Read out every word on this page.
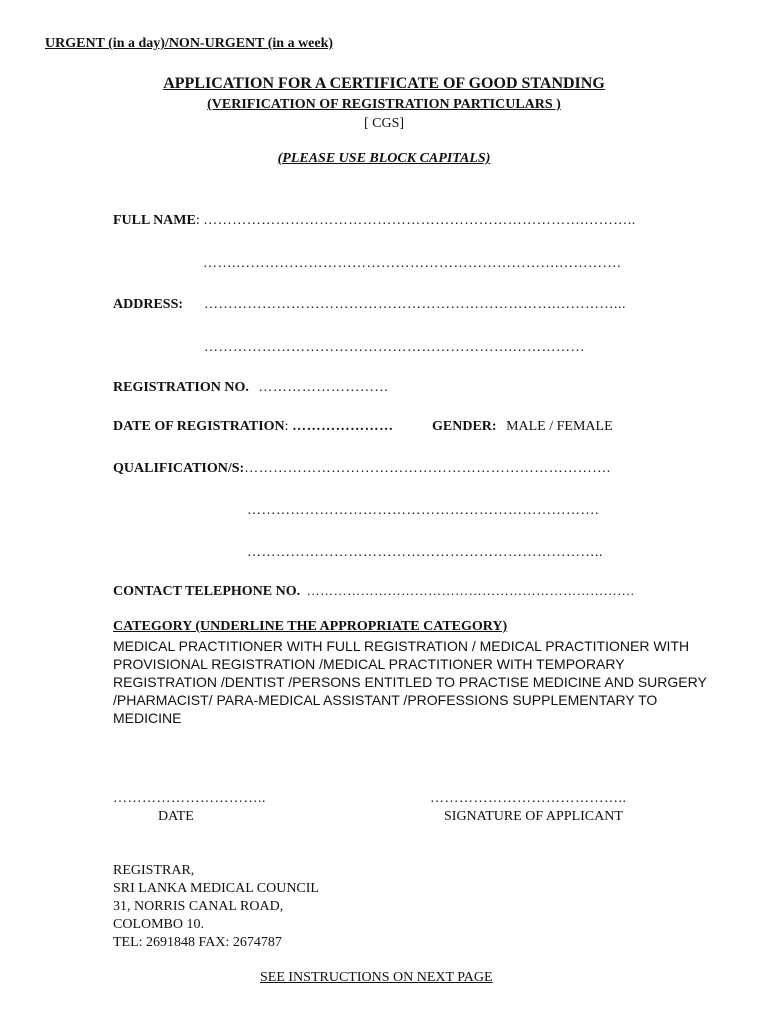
URGENT (in a day)/NON-URGENT (in a week)
APPLICATION FOR A CERTIFICATE OF GOOD STANDING
(VERIFICATION OF REGISTRATION PARTICULARS )
[ CGS]
(PLEASE USE BLOCK CAPITALS)
FULL NAME: …………………………………………………………………….………..
…….………………………………………………………….………….
ADDRESS: ……………………………………………………………….…………...
……………………………………………………….……………
REGISTRATION NO. ………………………
DATE OF REGISTRATION: …………………	GENDER: MALE / FEMALE
QUALIFICATION/S:………………………………………………………………….
……………………………………………………………….
………………………………………………………………..
CONTACT TELEPHONE NO. ……………………………………………………………….
CATEGORY (UNDERLINE THE APPROPRIATE CATEGORY)
MEDICAL PRACTITIONER WITH FULL REGISTRATION / MEDICAL PRACTITIONER WITH PROVISIONAL REGISTRATION /MEDICAL PRACTITIONER WITH TEMPORARY REGISTRATION /DENTIST /PERSONS ENTITLED TO PRACTISE MEDICINE AND SURGERY /PHARMACIST/ PARA-MEDICAL ASSISTANT /PROFESSIONS SUPPLEMENTARY TO MEDICINE
…………………………..
DATE
…………………………………..
SIGNATURE OF APPLICANT
REGISTRAR,
SRI LANKA MEDICAL COUNCIL
31, NORRIS CANAL ROAD,
COLOMBO 10.
TEL: 2691848 FAX: 2674787
SEE INSTRUCTIONS ON NEXT PAGE
